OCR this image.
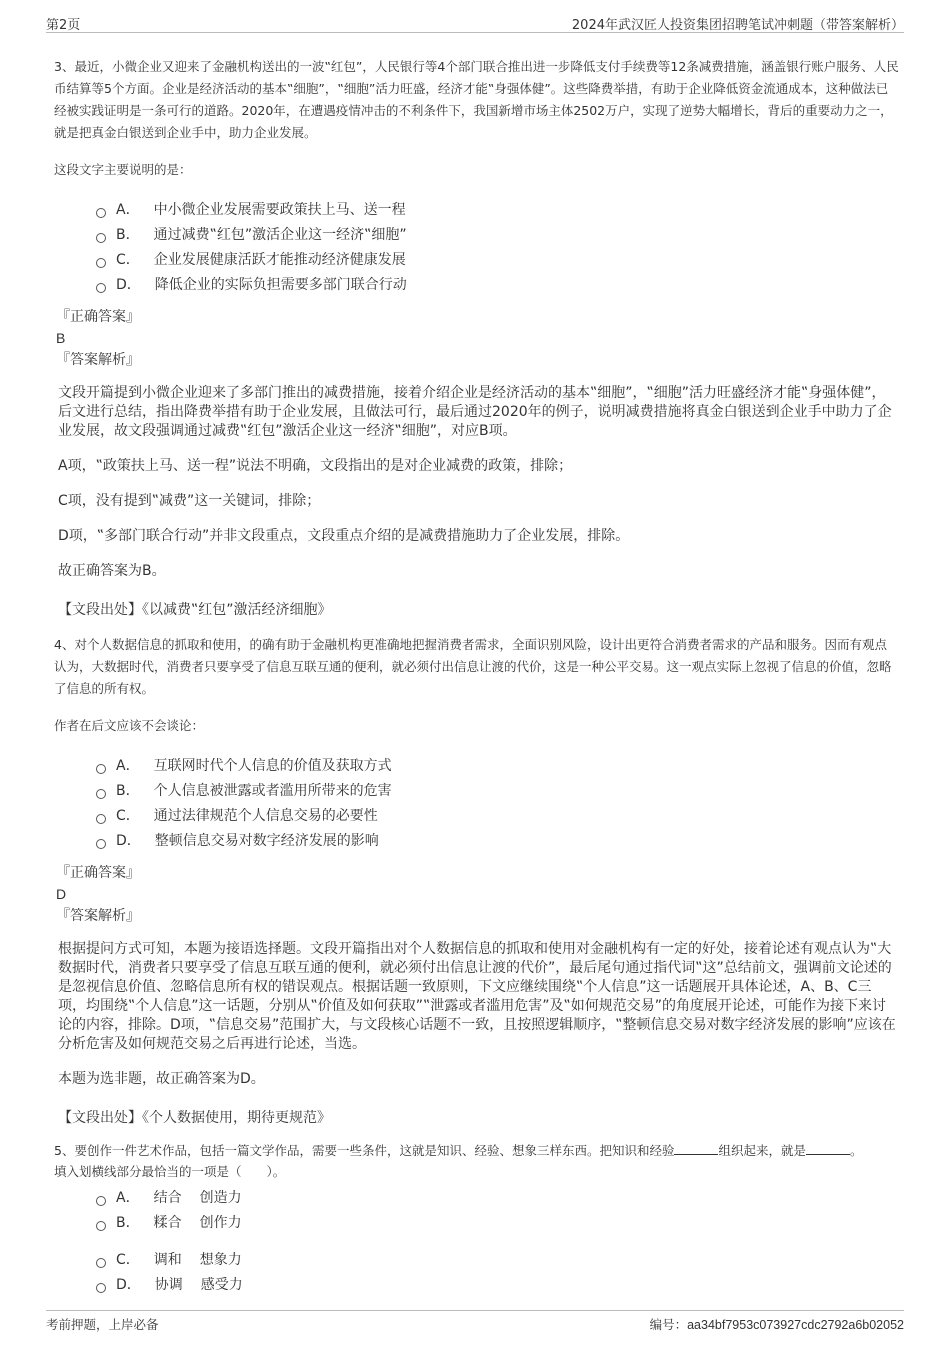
第2页	2024年武汉匠人投资集团招聘笔试冲刺题（带答案解析）

3、最近，小微企业又迎来了金融机构送出的一波‟红包”，人民银行等4个部门联合推出进一步降低支付手续费等12条减费措施，涵盖银行账户服务、人民币结算等5个方面。企业是经济活动的基本‟细胞”，‟细胞”活力旺盛，经济才能‟身强体健”。这些降费举措，有助于企业降低资金流通成本，这种做法已经被实践证明是一条可行的道路。2020年，在遭遇疫情冲击的不利条件下，我国新增市场主体2502万户，实现了逆势大幅增长，背后的重要动力之一，就是把真金白银送到企业手中，助力企业发展。

这段文字主要说明的是：

A． 中小微企业发展需要政策扶上马、送一程
B． 通过减费‟红包”激活企业这一经济‟细胞”
C． 企业发展健康活跃才能推动经济健康发展
D． 降低企业的实际负担需要多部门联合行动
『正确答案』
B
『答案解析』

文段开篇提到小微企业迎来了多部门推出的减费措施，接着介绍企业是经济活动的基本‟细胞”，‟细胞”活力旺盛经济才能‟身强体健”，后文进行总结，指出降费举措有助于企业发展，且做法可行，最后通过2020年的例子，说明减费措施将真金白银送到企业手中助力了企业发展，故文段强调通过减费‟红包”激活企业这一经济‟细胞”，对应B项。

A项，‟政策扶上马、送一程”说法不明确，文段指出的是对企业减费的政策，排除；

C项，没有提到‟减费”这一关键词，排除；

D项，‟多部门联合行动”并非文段重点，文段重点介绍的是减费措施助力了企业发展，排除。

故正确答案为B。

【文段出处】《以减费‟红包”激活经济细胞》

4、对个人数据信息的抓取和使用，的确有助于金融机构更准确地把握消费者需求，全面识别风险，设计出更符合消费者需求的产品和服务。因而有观点认为，大数据时代，消费者只要享受了信息互联互通的便利，就必须付出信息让渡的代价，这是一种公平交易。这一观点实际上忽视了信息的价值，忽略了信息的所有权。

作者在后文应该不会谈论：

A． 互联网时代个人信息的价值及获取方式
B． 个人信息被泄露或者滥用所带来的危害
C． 通过法律规范个人信息交易的必要性
D． 整顿信息交易对数字经济发展的影响
『正确答案』
D
『答案解析』

根据提问方式可知，本题为接语选择题。文段开篇指出对个人数据信息的抓取和使用对金融机构有一定的好处，接着论述有观点认为‟大数据时代，消费者只要享受了信息互联互通的便利，就必须付出信息让渡的代价”，最后尾句通过指代词‟这”总结前文，强调前文论述的是忽视信息价值、忽略信息所有权的错误观点。根据话题一致原则，下文应继续围绕‟个人信息”这一话题展开具体论述，A、B、C三项，均围绕‟个人信息”这一话题，分别从‟价值及如何获取”‟泄露或者滥用危害”及‟如何规范交易”的角度展开论述，可能作为接下来讨论的内容，排除。D项，‟信息交易”范围扩大，与文段核心话题不一致，且按照逻辑顺序，‟整顿信息交易对数字经济发展的影响”应该在分析危害及如何规范交易之后再进行论述，当选。

本题为选非题，故正确答案为D。

【文段出处】《个人数据使用，期待更规范》

5、要创作一件艺术作品，包括一篇文学作品，需要一些条件，这就是知识、经验、想象三样东西。把知识和经验	组织起来，就是	。

填入划横线部分最恰当的一项是（　　）。

A． 结合 创造力
B． 糅合 创作力
C． 调和 想象力
D． 协调 感受力
考前押题，上岸必备	编号：aa34bf7953c073927cdc2792a6b02052
